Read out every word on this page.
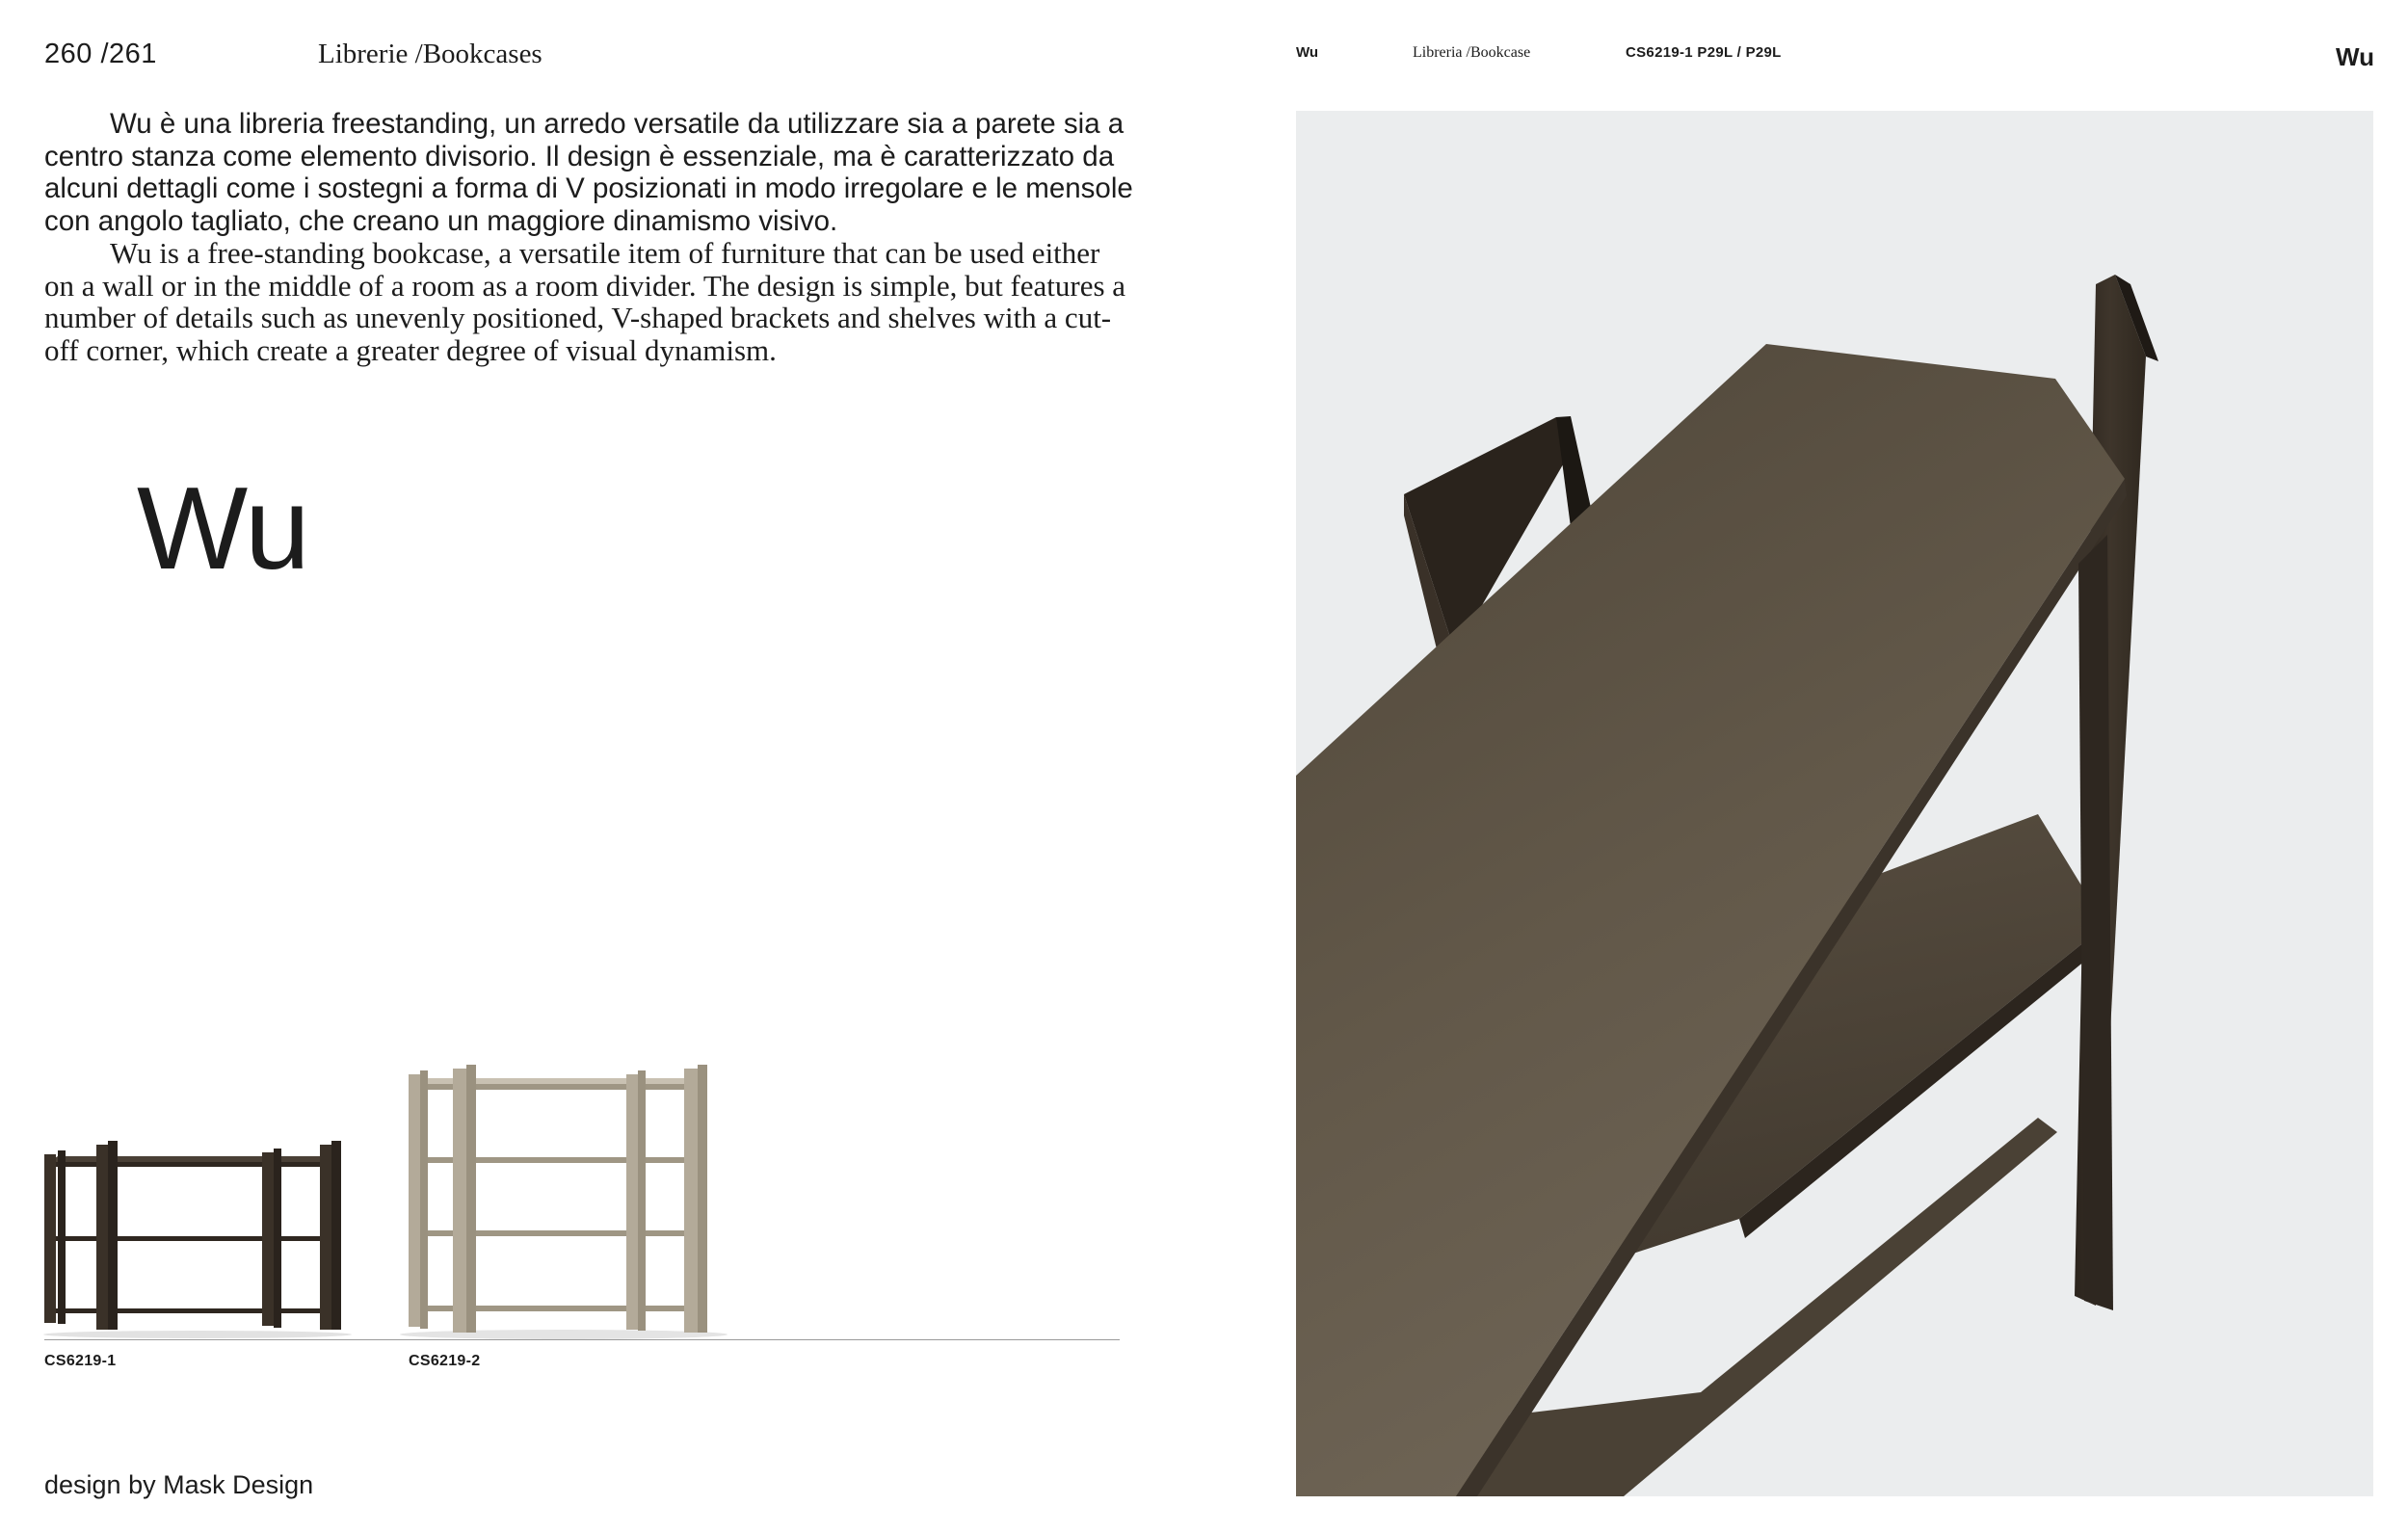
260 /261	Librerie /Bookcases

Wu è una libreria freestanding, un arredo versatile da utilizzare sia a parete sia a centro stanza come elemento divisorio. Il design è essenziale, ma è caratterizzato da alcuni dettagli come i sostegni a forma di V posizionati in modo irregolare e le mensole con angolo tagliato, che creano un maggiore dinamismo visivo.

Wu is a free-standing bookcase, a versatile item of furniture that can be used either on a wall or in the middle of a room as a room divider. The design is simple, but features a number of details such as unevenly positioned, V-shaped brackets and shelves with a cut-off corner, which create a greater degree of visual dynamism.

Wu
CS6219-1	CS6219-2
design by Mask Design
Wu	Libreria /Bookcase	CS6219-1 P29L / P29L	Wu
